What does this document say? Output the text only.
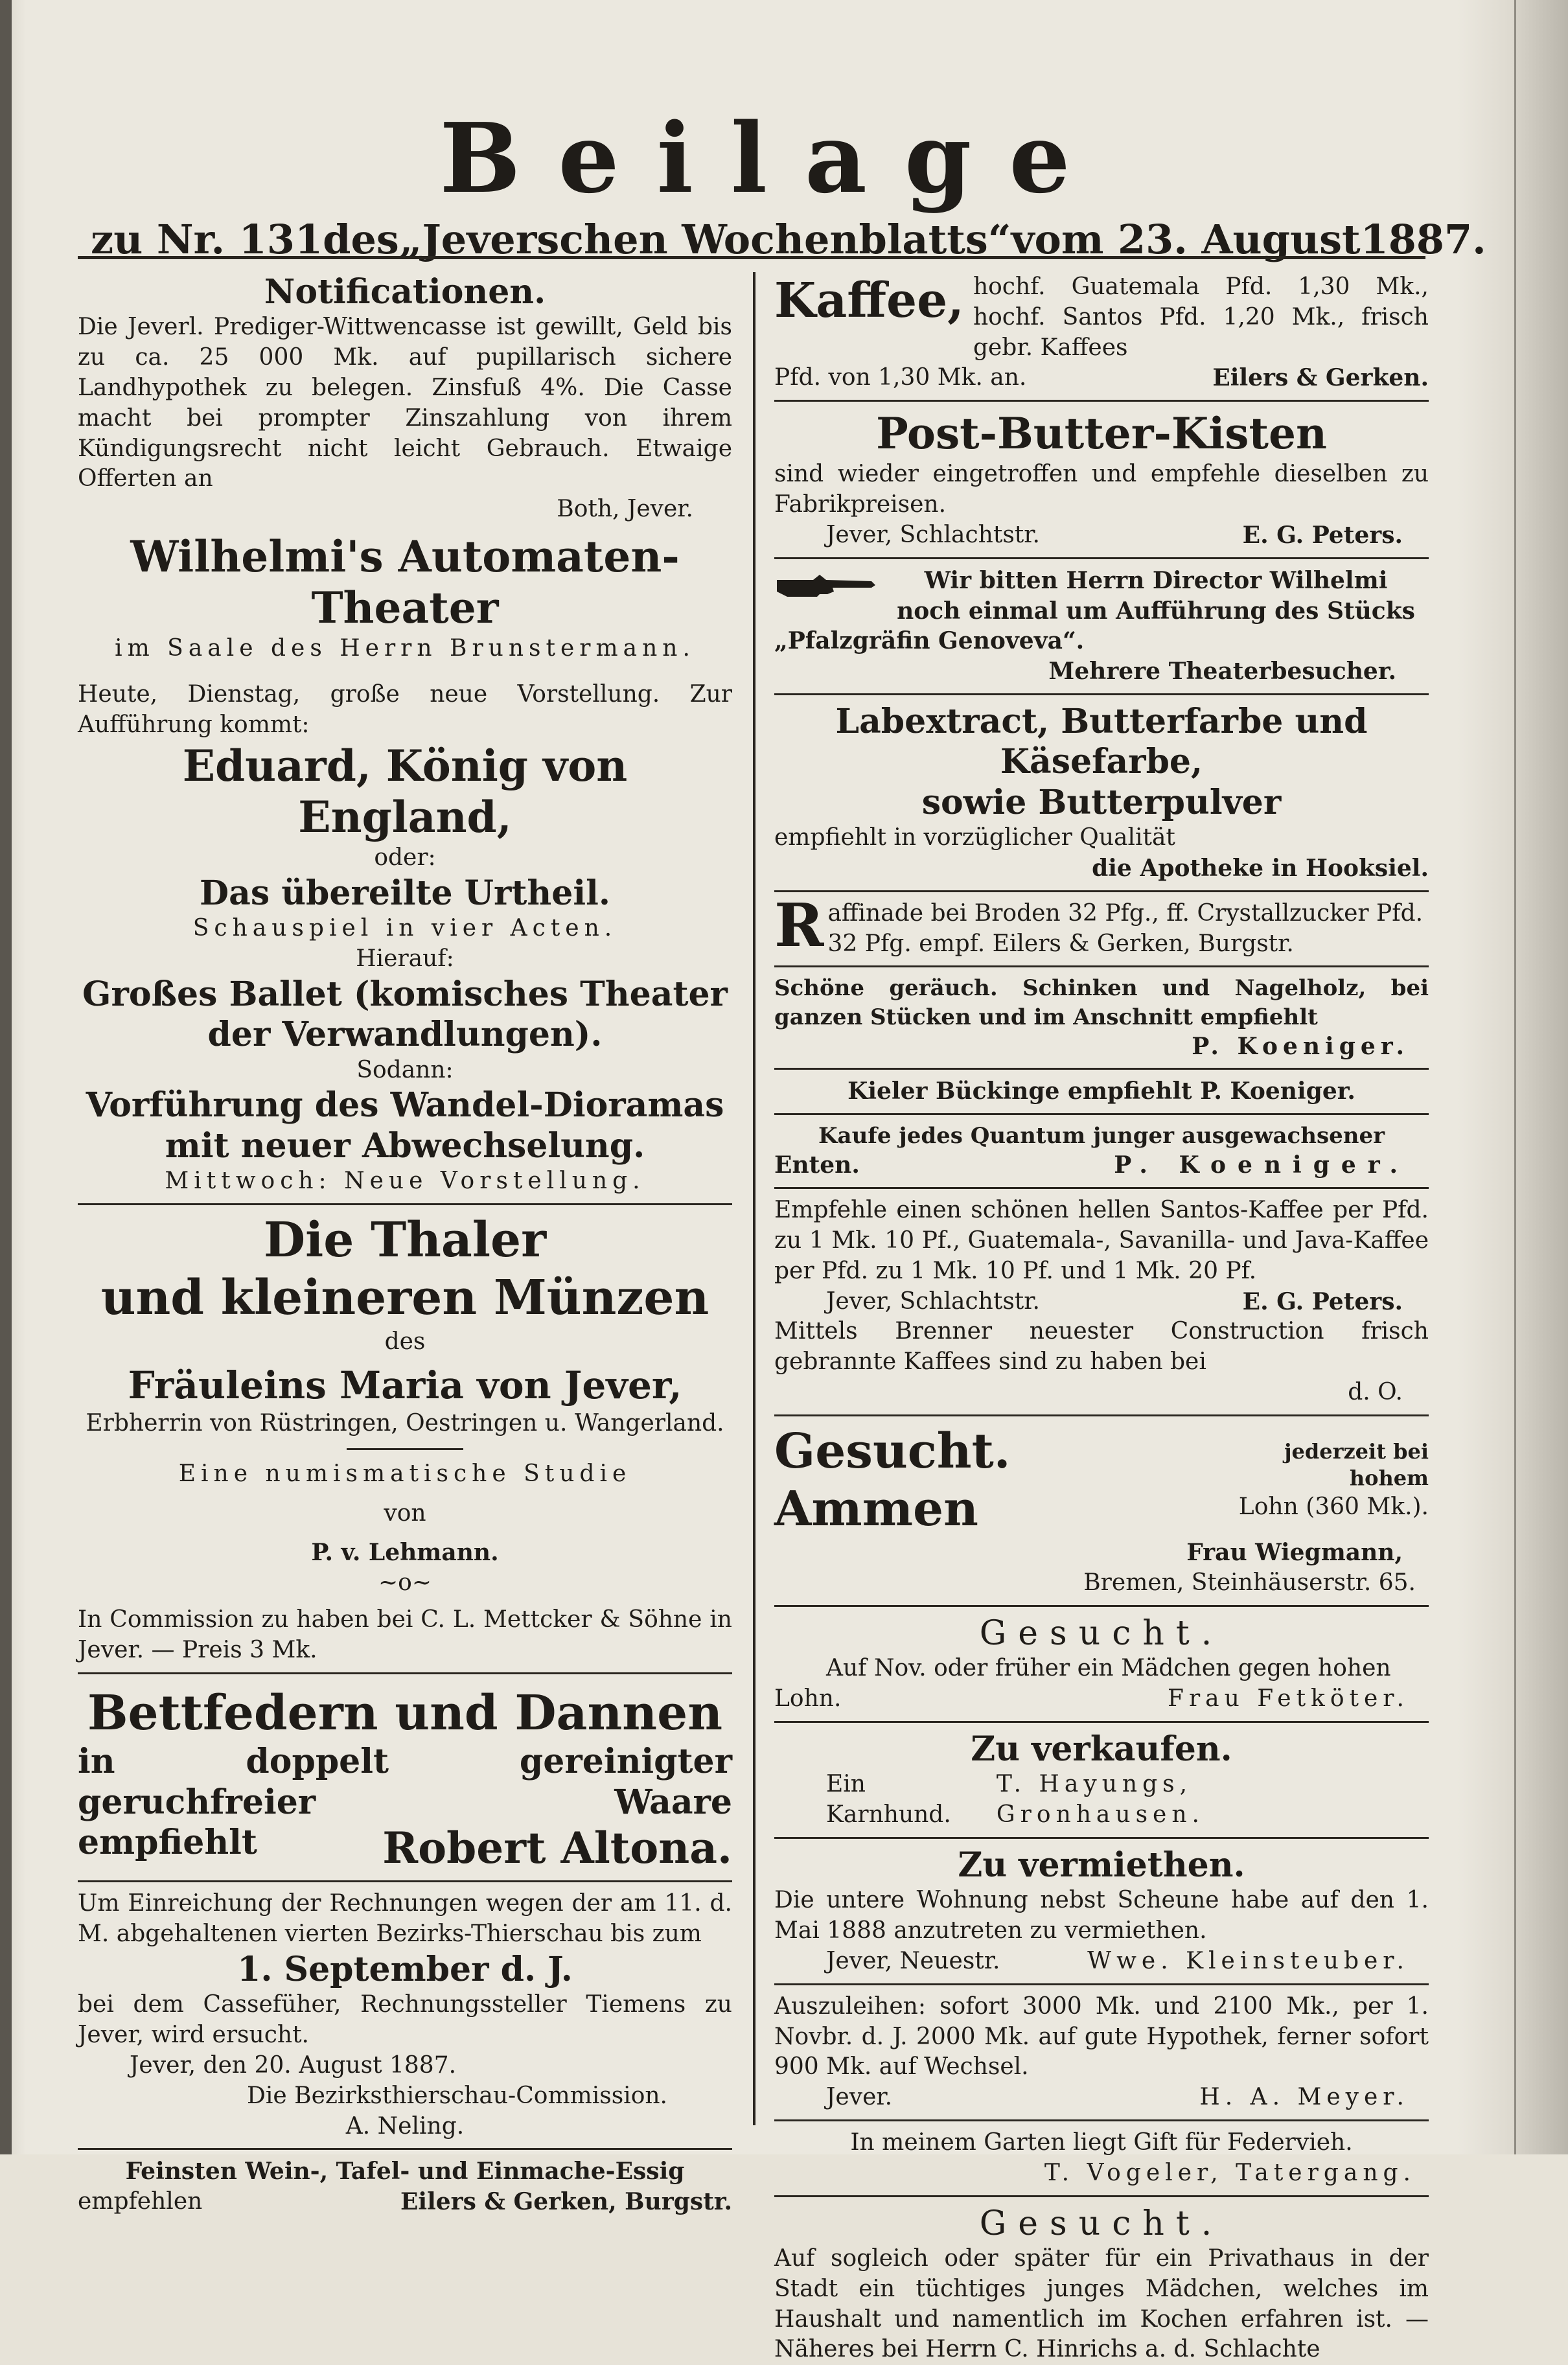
Beilage
zu Nr. 131 des „Jeverschen Wochenblatts“ vom 23. August 1887.
Notificationen.
Die Jeverl. Prediger-Wittwencasse ist gewillt, Geld bis zu ca. 25 000 Mk. auf pupillarisch sichere Landhypothek zu belegen. Zinsfuß 4%. Die Casse macht bei prompter Zinszahlung von ihrem Kündigungsrecht nicht leicht Gebrauch. Etwaige Offerten an
Both, Jever.
Wilhelmi's Automaten-Theater
im Saale des Herrn Brunstermann.
Heute, Dienstag, große neue Vorstellung. Zur Aufführung kommt:
Eduard, König von England,
oder:
Das übereilte Urtheil.
Schauspiel in vier Acten.
Hierauf:
Großes Ballet (komisches Theater der Verwandlungen).
Sodann:
Vorführung des Wandel-Dioramas mit neuer Abwechselung.
Mittwoch: Neue Vorstellung.
Die Thaler
und kleineren Münzen
des
Fräuleins Maria von Jever,
Erbherrin von Rüstringen, Oestringen u. Wangerland.
Eine numismatische Studie
von
P. v. Lehmann.
~o~
In Commission zu haben bei C. L. Mettcker & Söhne in Jever. — Preis 3 Mk.
Bettfedern und Dannen
in doppelt gereinigter geruchfreier Waare
empfiehlt	Robert Altona.
Um Einreichung der Rechnungen wegen der am 11. d. M. abgehaltenen vierten Bezirks-Thierschau bis zum
1. September d. J.
bei dem Cassefüher, Rechnungssteller Tiemens zu Jever, wird ersucht.
Jever, den 20. August 1887.
Die Bezirksthierschau-Commission.
A. Neling.
Feinsten Wein-, Tafel- und Einmache-Essig
empfehlen	Eilers & Gerken, Burgstr.
Kaffee, hochf. Guatemala Pfd. 1,30 Mk., hochf. Santos Pfd. 1,20 Mk., frisch gebr. Kaffees
Pfd. von 1,30 Mk. an.	Eilers & Gerken.
Post-Butter-Kisten
sind wieder eingetroffen und empfehle dieselben zu Fabrikpreisen.
Jever, Schlachtstr.	E. G. Peters.
Wir bitten Herrn Director Wilhelmi
noch einmal um Aufführung des Stücks
„Pfalzgräfin Genoveva“.
Mehrere Theaterbesucher.
Labextract, Butterfarbe und Käsefarbe,
sowie Butterpulver
empfiehlt in vorzüglicher Qualität
die Apotheke in Hooksiel.
R affinade bei Broden 32 Pfg., ff. Crystallzucker Pfd. 32 Pfg. empf. Eilers & Gerken, Burgstr.
Schöne geräuch. Schinken und Nagelholz, bei ganzen Stücken und im Anschnitt empfiehlt
P. Koeniger.
Kieler Bückinge empfiehlt P. Koeniger.
Kaufe jedes Quantum junger ausgewachsener
Enten.	P. Koeniger.
Empfehle einen schönen hellen Santos-Kaffee per Pfd. zu 1 Mk. 10 Pf., Guatemala-, Savanilla- und Java-Kaffee per Pfd. zu 1 Mk. 10 Pf. und 1 Mk. 20 Pf.
Jever, Schlachtstr.	E. G. Peters.
Mittels Brenner neuester Construction frisch gebrannte Kaffees sind zu haben bei
d. O.
Gesucht. Ammen
jederzeit bei hohem
Lohn (360 Mk.).
Frau Wiegmann,
Bremen, Steinhäuserstr. 65.
Gesucht.
Auf Nov. oder früher ein Mädchen gegen hohen
Lohn.	Frau Fetköter.
Zu verkaufen.
Ein Karnhund.
T. Hayungs, Gronhausen.
Zu vermiethen.
Die untere Wohnung nebst Scheune habe auf den 1. Mai 1888 anzutreten zu vermiethen.
Jever, Neuestr.	Wwe. Kleinsteuber.
Auszuleihen: sofort 3000 Mk. und 2100 Mk., per 1. Novbr. d. J. 2000 Mk. auf gute Hypothek, ferner sofort 900 Mk. auf Wechsel.
Jever.	H. A. Meyer.
In meinem Garten liegt Gift für Federvieh.
T. Vogeler, Tatergang.
Gesucht.
Auf sogleich oder später für ein Privathaus in der Stadt ein tüchtiges junges Mädchen, welches im Haushalt und namentlich im Kochen erfahren ist. — Näheres bei Herrn C. Hinrichs a. d. Schlachte
